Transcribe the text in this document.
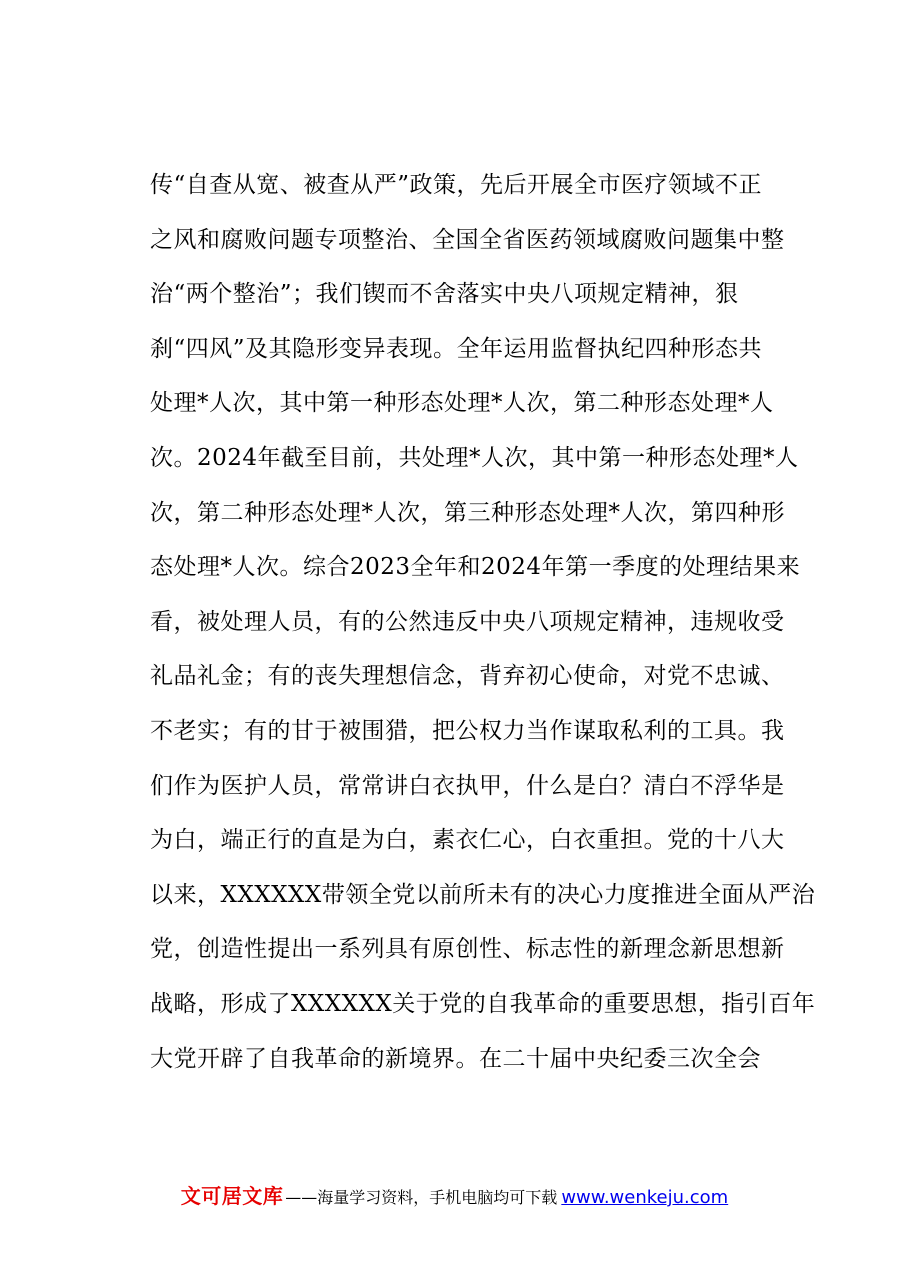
传“自查从宽、被查从严”政策，先后开展全市医疗领域不正
之风和腐败问题专项整治、全国全省医药领域腐败问题集中整
治“两个整治”；我们锲而不舍落实中央八项规定精神，狠
刹“四风”及其隐形变异表现。全年运用监督执纪四种形态共
处理*人次，其中第一种形态处理*人次，第二种形态处理*人
次。2024年截至目前，共处理*人次，其中第一种形态处理*人
次，第二种形态处理*人次，第三种形态处理*人次，第四种形
态处理*人次。综合2023全年和2024年第一季度的处理结果来
看，被处理人员，有的公然违反中央八项规定精神，违规收受
礼品礼金；有的丧失理想信念，背弃初心使命，对党不忠诚、
不老实；有的甘于被围猎，把公权力当作谋取私利的工具。我
们作为医护人员，常常讲白衣执甲，什么是白？清白不浮华是
为白，端正行的直是为白，素衣仁心，白衣重担。党的十八大
以来，XXXXXX带领全党以前所未有的决心力度推进全面从严治
党，创造性提出一系列具有原创性、标志性的新理念新思想新
战略，形成了XXXXXX关于党的自我革命的重要思想，指引百年
大党开辟了自我革命的新境界。在二十届中央纪委三次全会
文可居文库 ——海量学习资料，手机电脑均可下载 www.wenkeju.com
